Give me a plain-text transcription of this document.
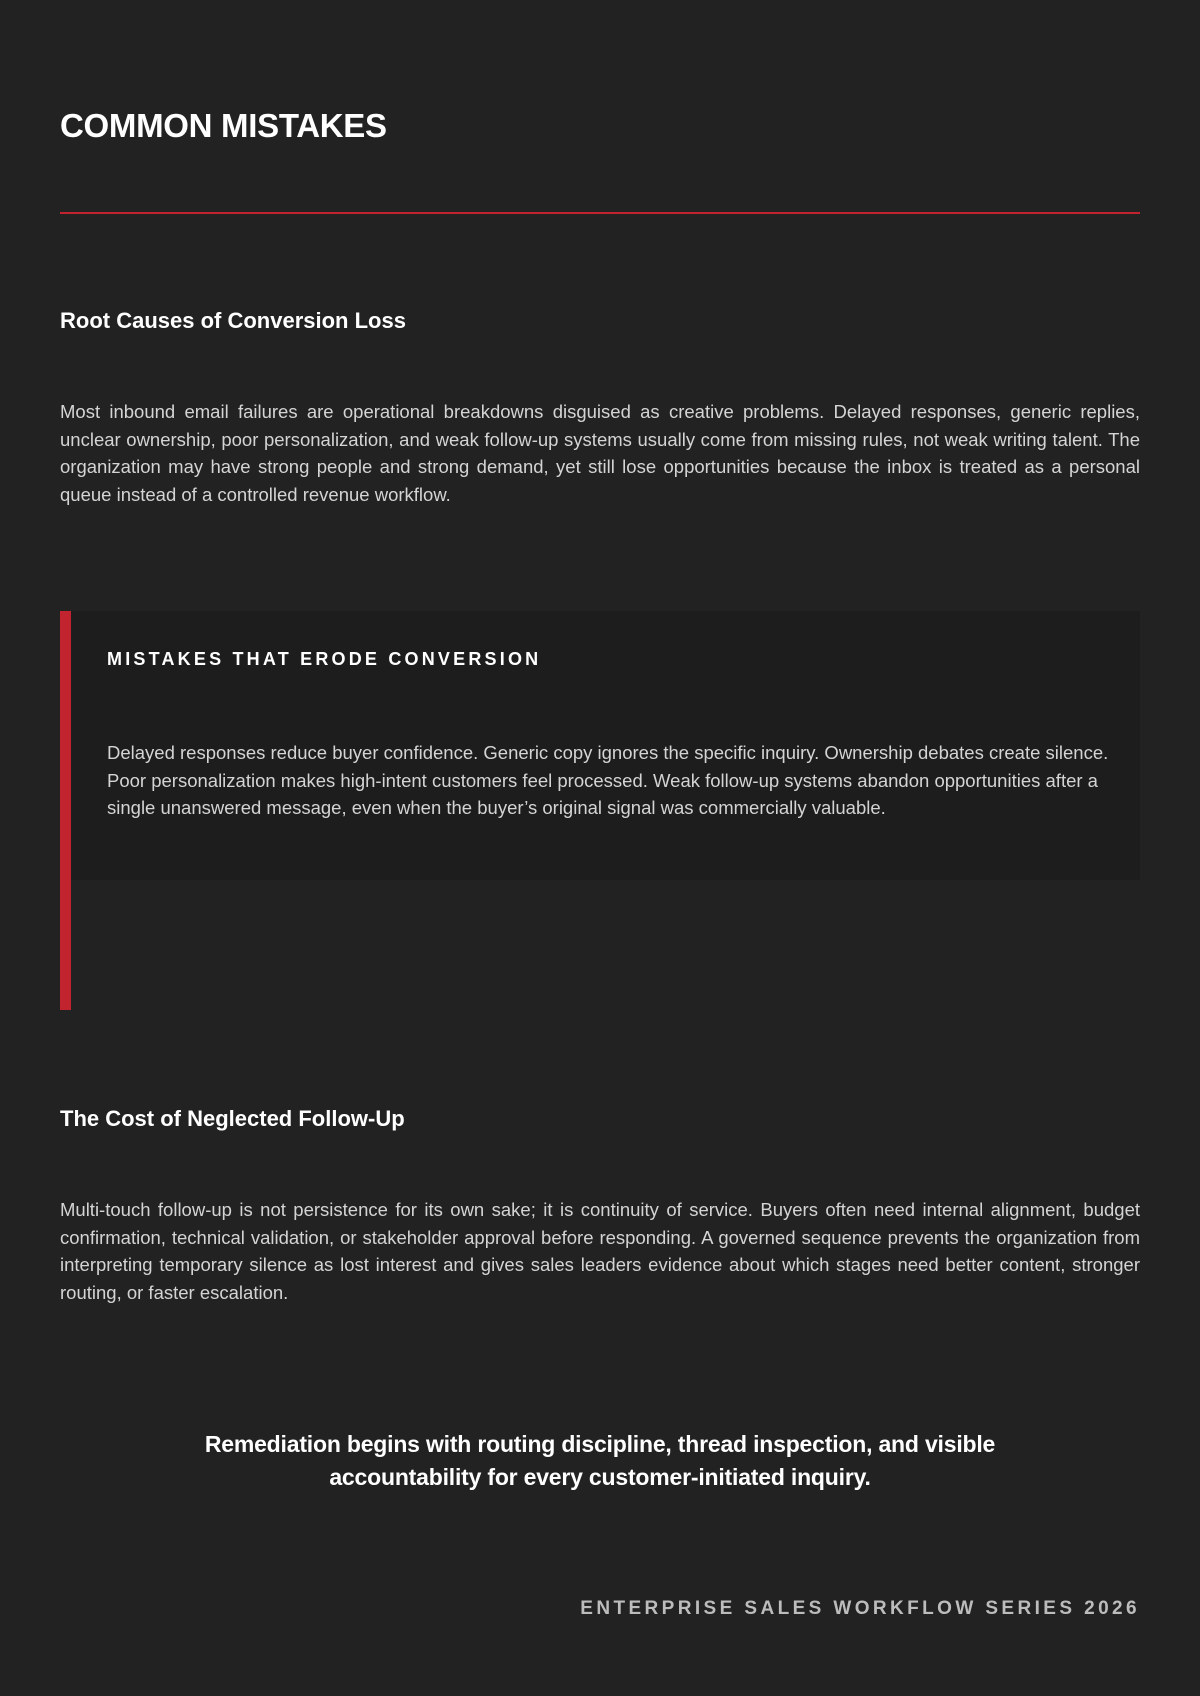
COMMON MISTAKES
Root Causes of Conversion Loss

Most inbound email failures are operational breakdowns disguised as creative problems. Delayed responses, generic replies, unclear ownership, poor personalization, and weak follow-up systems usually come from missing rules, not weak writing talent. The organization may have strong people and strong demand, yet still lose opportunities because the inbox is treated as a personal queue instead of a controlled revenue workflow.

MISTAKES THAT ERODE CONVERSION

Delayed responses reduce buyer confidence. Generic copy ignores the specific inquiry. Ownership debates create silence. Poor personalization makes high-intent customers feel processed. Weak follow-up systems abandon opportunities after a single unanswered message, even when the buyer’s original signal was commercially valuable.

The Cost of Neglected Follow-Up

Multi-touch follow-up is not persistence for its own sake; it is continuity of service. Buyers often need internal alignment, budget confirmation, technical validation, or stakeholder approval before responding. A governed sequence prevents the organization from interpreting temporary silence as lost interest and gives sales leaders evidence about which stages need better content, stronger routing, or faster escalation.

Remediation begins with routing discipline, thread inspection, and visible
accountability for every customer-initiated inquiry.

ENTERPRISE SALES WORKFLOW SERIES 2026
